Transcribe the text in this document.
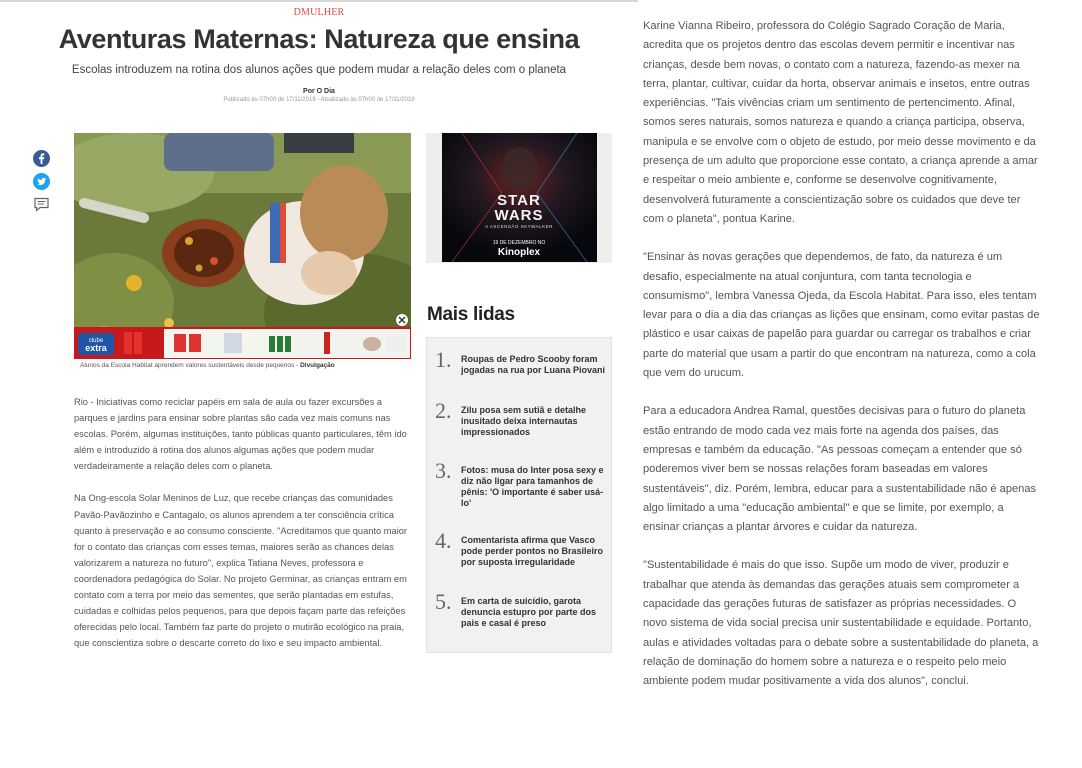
DMULHER
Aventuras Maternas: Natureza que ensina
Escolas introduzem na rotina dos alunos ações que podem mudar a relação deles com o planeta
Por O Dia
Publicado às 07h00 de 17/11/2019 - Atualizado às 07h00 de 17/11/2019
clube
extra
Alunos da Escola Habitat aprendem valores sustentáveis desde pequenos - Divulgação

Rio - Iniciativas como reciclar papéis em sala de aula ou fazer excursões a parques e jardins para ensinar sobre plantas são cada vez mais comuns nas escolas. Porém, algumas instituições, tanto públicas quanto particulares, têm ido além e introduzido à rotina dos alunos algumas ações que podem mudar verdadeiramente a relação deles com o planeta.

Na Ong-escola Solar Meninos de Luz, que recebe crianças das comunidades Pavão-Pavãozinho e Cantagalo, os alunos aprendem a ter consciência crítica quanto à preservação e ao consumo consciente. "Acreditamos que quanto maior for o contato das crianças com esses temas, maiores serão as chances delas valorizarem a natureza no futuro", explica Tatiana Neves, professora e coordenadora pedagógica do Solar. No projeto Germinar, as crianças entram em contato com a terra por meio das sementes, que serão plantadas em estufas, cuidadas e colhidas pelos pequenos, para que depois façam parte das refeições oferecidas pelo local. Também faz parte do projeto o mutirão ecológico na praia, que conscientiza sobre o descarte correto do lixo e seu impacto ambiental.

STAR
WARS
A ASCENSÃO SKYWALKER
19 DE DEZEMBRO NO
Kinoplex
Mais lidas
1. Roupas de Pedro Scooby foram jogadas na rua por Luana Piovani
2. Zilu posa sem sutiã e detalhe inusitado deixa internautas impressionados
3. Fotos: musa do Inter posa sexy e diz não ligar para tamanhos de pênis: 'O importante é saber usá-lo'
4. Comentarista afirma que Vasco pode perder pontos no Brasileiro por suposta irregularidade
5. Em carta de suicídio, garota denuncia estupro por parte dos pais e casal é preso

Karine Vianna Ribeiro, professora do Colégio Sagrado Coração de Maria, acredita que os projetos dentro das escolas devem permitir e incentivar nas crianças, desde bem novas, o contato com a natureza, fazendo-as mexer na terra, plantar, cultivar, cuidar da horta, observar animais e insetos, entre outras experiências. "Tais vivências criam um sentimento de pertencimento. Afinal, somos seres naturais, somos natureza e quando a criança participa, observa, manipula e se envolve com o objeto de estudo, por meio desse movimento e da presença de um adulto que proporcione esse contato, a criança aprende a amar e respeitar o meio ambiente e, conforme se desenvolve cognitivamente, desenvolverá futuramente a conscientização sobre os cuidados que deve ter com o planeta", pontua Karine.

"Ensinar às novas gerações que dependemos, de fato, da natureza é um desafio, especialmente na atual conjuntura, com tanta tecnologia e consumismo", lembra Vanessa Ojeda, da Escola Habitat. Para isso, eles tentam levar para o dia a dia das crianças as lições que ensinam, como evitar pastas de plástico e usar caixas de papelão para guardar ou carregar os trabalhos e criar parte do material que usam a partir do que encontram na natureza, como a cola que vem do urucum.

Para a educadora Andrea Ramal, questões decisivas para o futuro do planeta estão entrando de modo cada vez mais forte na agenda dos países, das empresas e também da educação. "As pessoas começam a entender que só poderemos viver bem se nossas relações foram baseadas em valores sustentáveis", diz. Porém, lembra, educar para a sustentabilidade não é apenas algo limitado a uma "educação ambiental" e que se limite, por exemplo, a ensinar crianças a plantar árvores e cuidar da natureza.

"Sustentabilidade é mais do que isso. Supõe um modo de viver, produzir e trabalhar que atenda às demandas das gerações atuais sem comprometer a capacidade das gerações futuras de satisfazer as próprias necessidades. O novo sistema de vida social precisa unir sustentabilidade e equidade. Portanto, aulas e atividades voltadas para o debate sobre a sustentabilidade do planeta, a relação de dominação do homem sobre a natureza e o respeito pelo meio ambiente podem mudar positivamente a vida dos alunos", conclui.
